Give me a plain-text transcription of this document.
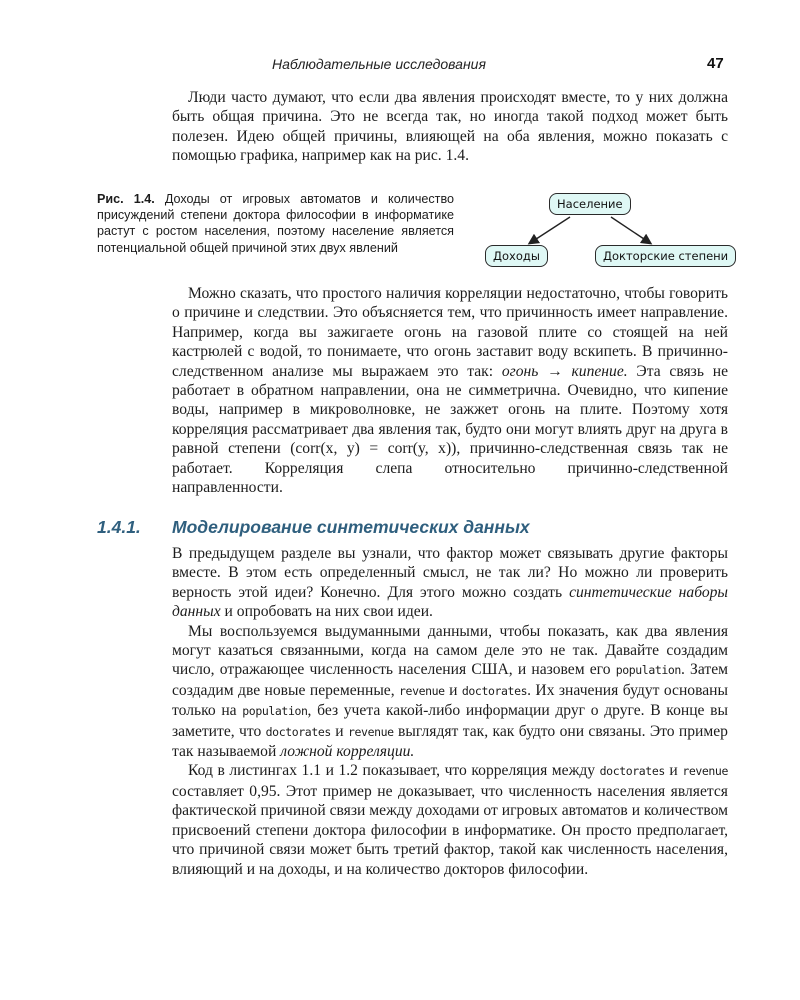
Наблюдательные исследования	47

Люди часто думают, что если два явления происходят вместе, то у них должна быть общая причина. Это не всегда так, но иногда такой подход может быть полезен. Идею общей причины, влияющей на оба явления, можно показать с помощью графика, например как на рис. 1.4.

Рис. 1.4. Доходы от игровых автоматов и количество присуждений степени доктора философии в информатике растут с ростом населения, поэтому население является потенциальной общей причиной этих двух явлений
Население
Доходы	Докторские степени

Можно сказать, что простого наличия корреляции недостаточно, чтобы говорить о причине и следствии. Это объясняется тем, что причинность имеет направление. Например, когда вы зажигаете огонь на газовой плите со стоящей на ней кастрюлей с водой, то понимаете, что огонь заставит воду вскипеть. В причинно-следственном анализе мы выражаем это так: огонь → кипение. Эта связь не работает в обратном направлении, она не симметрична. Очевидно, что кипение воды, например в микроволновке, не зажжет огонь на плите. Поэтому хотя корреляция рассматривает два явления так, будто они могут влиять друг на друга в равной степени (corr(x, y) = corr(y, x)), причинно-следственная связь так не работает. Корреляция слепа относительно причинно-следственной направленности.

1.4.1. Моделирование синтетических данных

В предыдущем разделе вы узнали, что фактор может связывать другие факторы вместе. В этом есть определенный смысл, не так ли? Но можно ли проверить верность этой идеи? Конечно. Для этого можно создать синтетические наборы данных и опробовать на них свои идеи.

Мы воспользуемся выдуманными данными, чтобы показать, как два явления могут казаться связанными, когда на самом деле это не так. Давайте создадим число, отражающее численность населения США, и назовем его population. Затем создадим две новые переменные, revenue и doctorates. Их значения будут основаны только на population, без учета какой-либо информации друг о друге. В конце вы заметите, что doctorates и revenue выглядят так, как будто они связаны. Это пример так называемой ложной корреляции.

Код в листингах 1.1 и 1.2 показывает, что корреляция между doctorates и revenue составляет 0,95. Этот пример не доказывает, что численность населения является фактической причиной связи между доходами от игровых автоматов и количеством присвоений степени доктора философии в информатике. Он просто предполагает, что причиной связи может быть третий фактор, такой как численность населения, влияющий и на доходы, и на количество докторов философии.
